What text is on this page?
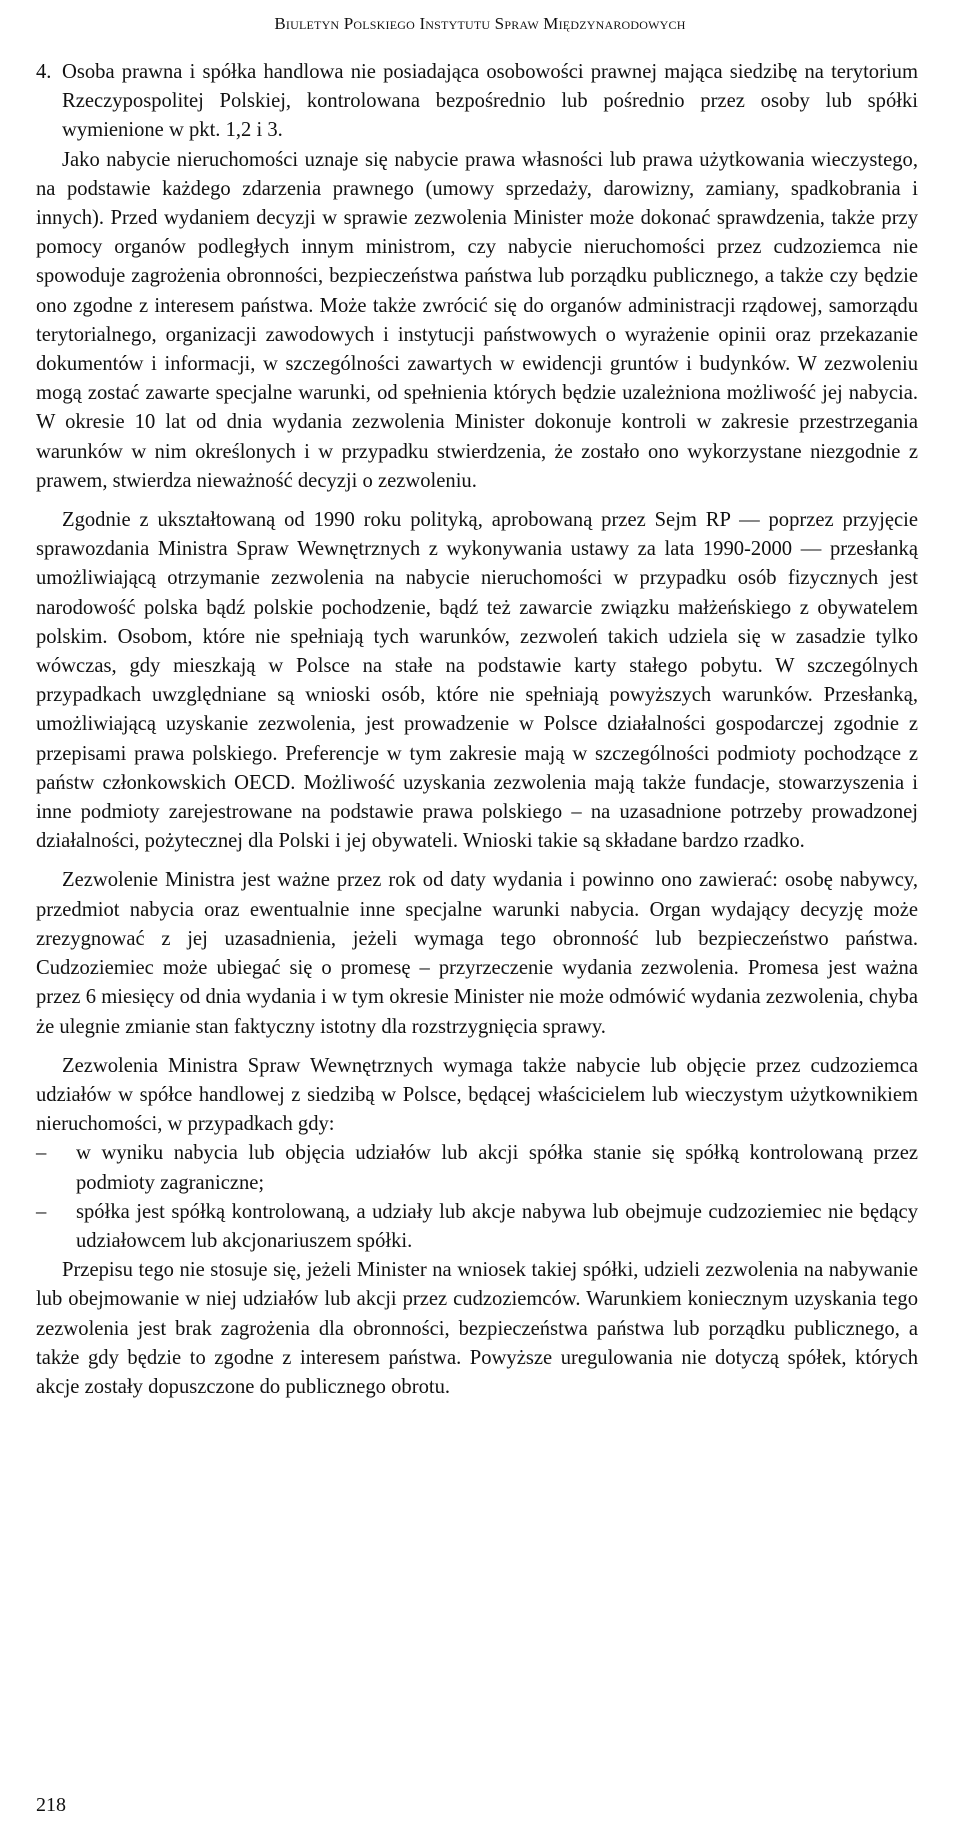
Biuletyn Polskiego Instytutu Spraw Międzynarodowych
4. Osoba prawna i spółka handlowa nie posiadająca osobowości prawnej mająca siedzibę na terytorium Rzeczypospolitej Polskiej, kontrolowana bezpośrednio lub pośrednio przez osoby lub spółki wymienione w pkt. 1,2 i 3.

Jako nabycie nieruchomości uznaje się nabycie prawa własności lub prawa użytkowania wieczystego, na podstawie każdego zdarzenia prawnego (umowy sprzedaży, darowizny, zamiany, spadkobrania i innych). Przed wydaniem decyzji w sprawie zezwolenia Minister może dokonać sprawdzenia, także przy pomocy organów podległych innym ministrom, czy nabycie nieruchomości przez cudzoziemca nie spowoduje zagrożenia obronności, bezpieczeństwa państwa lub porządku publicznego, a także czy będzie ono zgodne z interesem państwa. Może także zwrócić się do organów administracji rządowej, samorządu terytorialnego, organizacji zawodowych i instytucji państwowych o wyrażenie opinii oraz przekazanie dokumentów i informacji, w szczególności zawartych w ewidencji gruntów i budynków. W zezwoleniu mogą zostać zawarte specjalne warunki, od spełnienia których będzie uzależniona możliwość jej nabycia. W okresie 10 lat od dnia wydania zezwolenia Minister dokonuje kontroli w zakresie przestrzegania warunków w nim określonych i w przypadku stwierdzenia, że zostało ono wykorzystane niezgodnie z prawem, stwierdza nieważność decyzji o zezwoleniu.

Zgodnie z ukształtowaną od 1990 roku polityką, aprobowaną przez Sejm RP — poprzez przyjęcie sprawozdania Ministra Spraw Wewnętrznych z wykonywania ustawy za lata 1990-2000 — przesłanką umożliwiającą otrzymanie zezwolenia na nabycie nieruchomości w przypadku osób fizycznych jest narodowość polska bądź polskie pochodzenie, bądź też zawarcie związku małżeńskiego z obywatelem polskim. Osobom, które nie spełniają tych warunków, zezwoleń takich udziela się w zasadzie tylko wówczas, gdy mieszkają w Polsce na stałe na podstawie karty stałego pobytu. W szczególnych przypadkach uwzględniane są wnioski osób, które nie spełniają powyższych warunków. Przesłanką, umożliwiającą uzyskanie zezwolenia, jest prowadzenie w Polsce działalności gospodarczej zgodnie z przepisami prawa polskiego. Preferencje w tym zakresie mają w szczególności podmioty pochodzące z państw członkowskich OECD. Możliwość uzyskania zezwolenia mają także fundacje, stowarzyszenia i inne podmioty zarejestrowane na podstawie prawa polskiego – na uzasadnione potrzeby prowadzonej działalności, pożytecznej dla Polski i jej obywateli. Wnioski takie są składane bardzo rzadko.

Zezwolenie Ministra jest ważne przez rok od daty wydania i powinno ono zawierać: osobę nabywcy, przedmiot nabycia oraz ewentualnie inne specjalne warunki nabycia. Organ wydający decyzję może zrezygnować z jej uzasadnienia, jeżeli wymaga tego obronność lub bezpieczeństwo państwa. Cudzoziemiec może ubiegać się o promesę – przyrzeczenie wydania zezwolenia. Promesa jest ważna przez 6 miesięcy od dnia wydania i w tym okresie Minister nie może odmówić wydania zezwolenia, chyba że ulegnie zmianie stan faktyczny istotny dla rozstrzygnięcia sprawy.

Zezwolenia Ministra Spraw Wewnętrznych wymaga także nabycie lub objęcie przez cudzoziemca udziałów w spółce handlowej z siedzibą w Polsce, będącej właścicielem lub wieczystym użytkownikiem nieruchomości, w przypadkach gdy:

–	w wyniku nabycia lub objęcia udziałów lub akcji spółka stanie się spółką kontrolowaną przez podmioty zagraniczne;
–	spółka jest spółką kontrolowaną, a udziały lub akcje nabywa lub obejmuje cudzoziemiec nie będący udziałowcem lub akcjonariuszem spółki.

Przepisu tego nie stosuje się, jeżeli Minister na wniosek takiej spółki, udzieli zezwolenia na nabywanie lub obejmowanie w niej udziałów lub akcji przez cudzoziemców. Warunkiem koniecznym uzyskania tego zezwolenia jest brak zagrożenia dla obronności, bezpieczeństwa państwa lub porządku publicznego, a także gdy będzie to zgodne z interesem państwa. Powyższe uregulowania nie dotyczą spółek, których akcje zostały dopuszczone do publicznego obrotu.

218
